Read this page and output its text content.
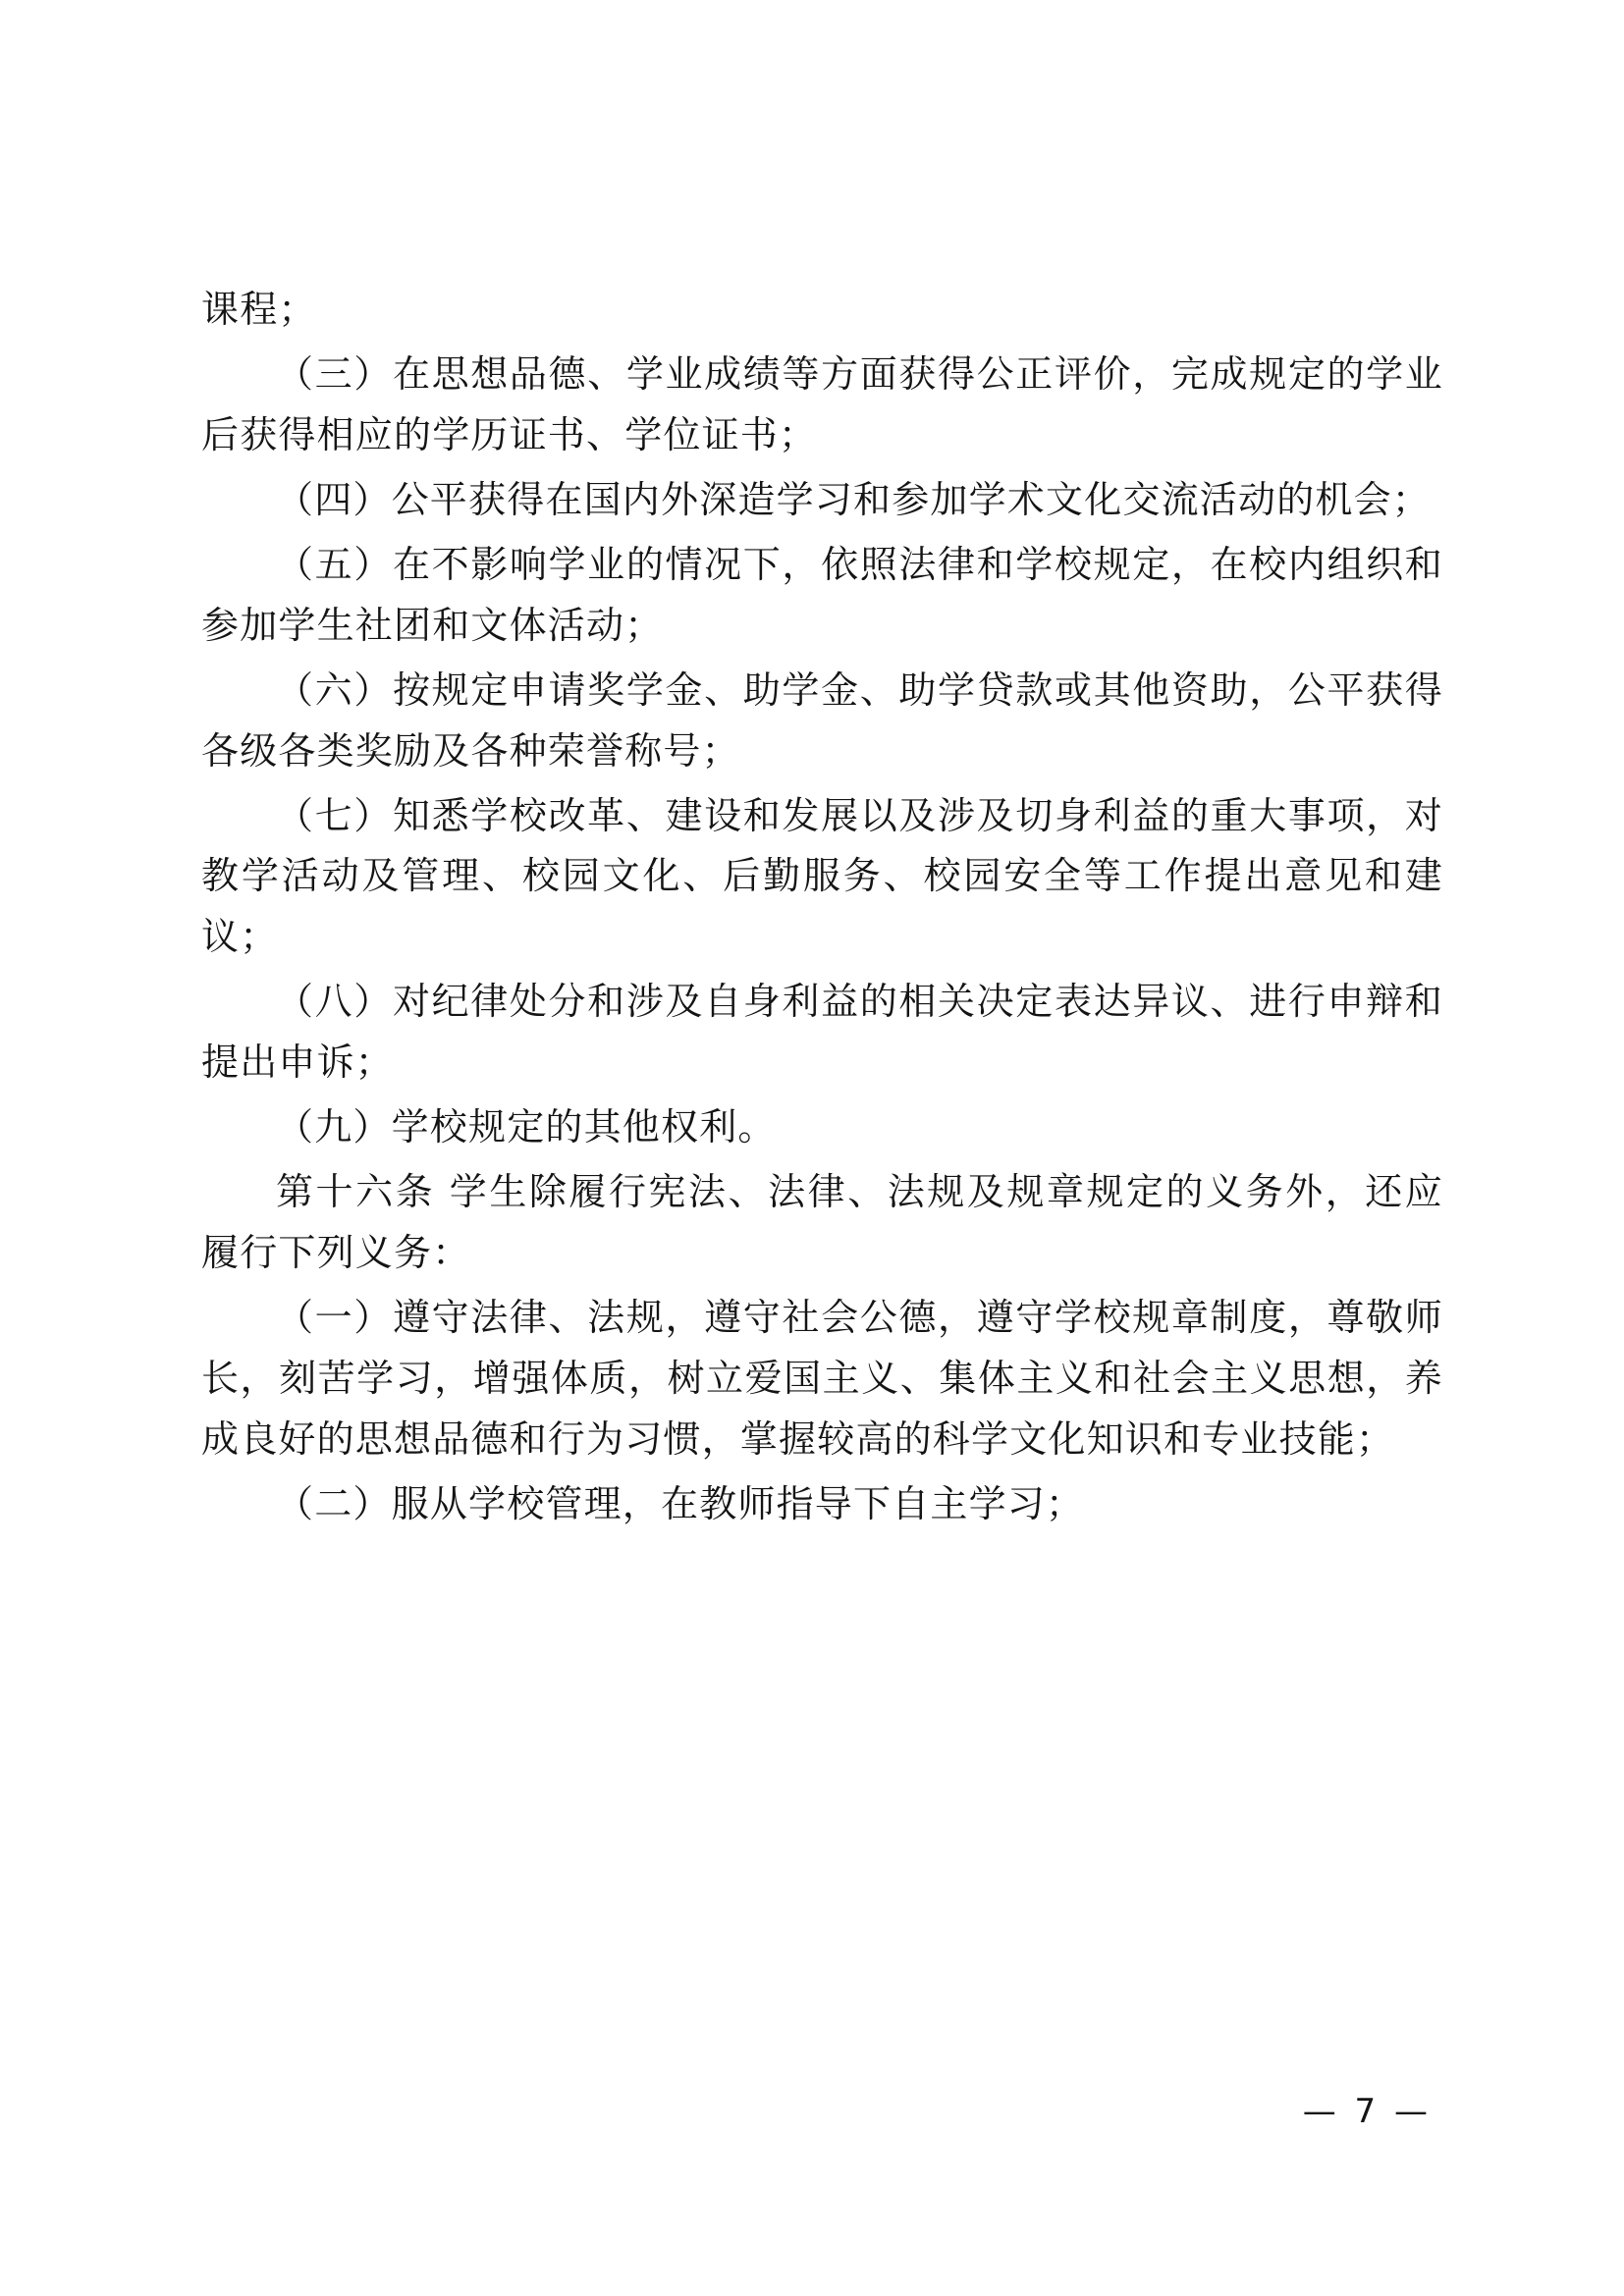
课程；

（三）在思想品德、学业成绩等方面获得公正评价，完成规定的学业后获得相应的学历证书、学位证书；

（四）公平获得在国内外深造学习和参加学术文化交流活动的机会；

（五）在不影响学业的情况下，依照法律和学校规定，在校内组织和参加学生社团和文体活动；

（六）按规定申请奖学金、助学金、助学贷款或其他资助，公平获得各级各类奖励及各种荣誉称号；

（七）知悉学校改革、建设和发展以及涉及切身利益的重大事项，对教学活动及管理、校园文化、后勤服务、校园安全等工作提出意见和建议；

（八）对纪律处分和涉及自身利益的相关决定表达异议、进行申辩和提出申诉；

（九）学校规定的其他权利。

第十六条 学生除履行宪法、法律、法规及规章规定的义务外，还应履行下列义务：

（一）遵守法律、法规，遵守社会公德，遵守学校规章制度，尊敬师长，刻苦学习，增强体质，树立爱国主义、集体主义和社会主义思想，养成良好的思想品德和行为习惯，掌握较高的科学文化知识和专业技能；

（二）服从学校管理，在教师指导下自主学习；

— 7 —
